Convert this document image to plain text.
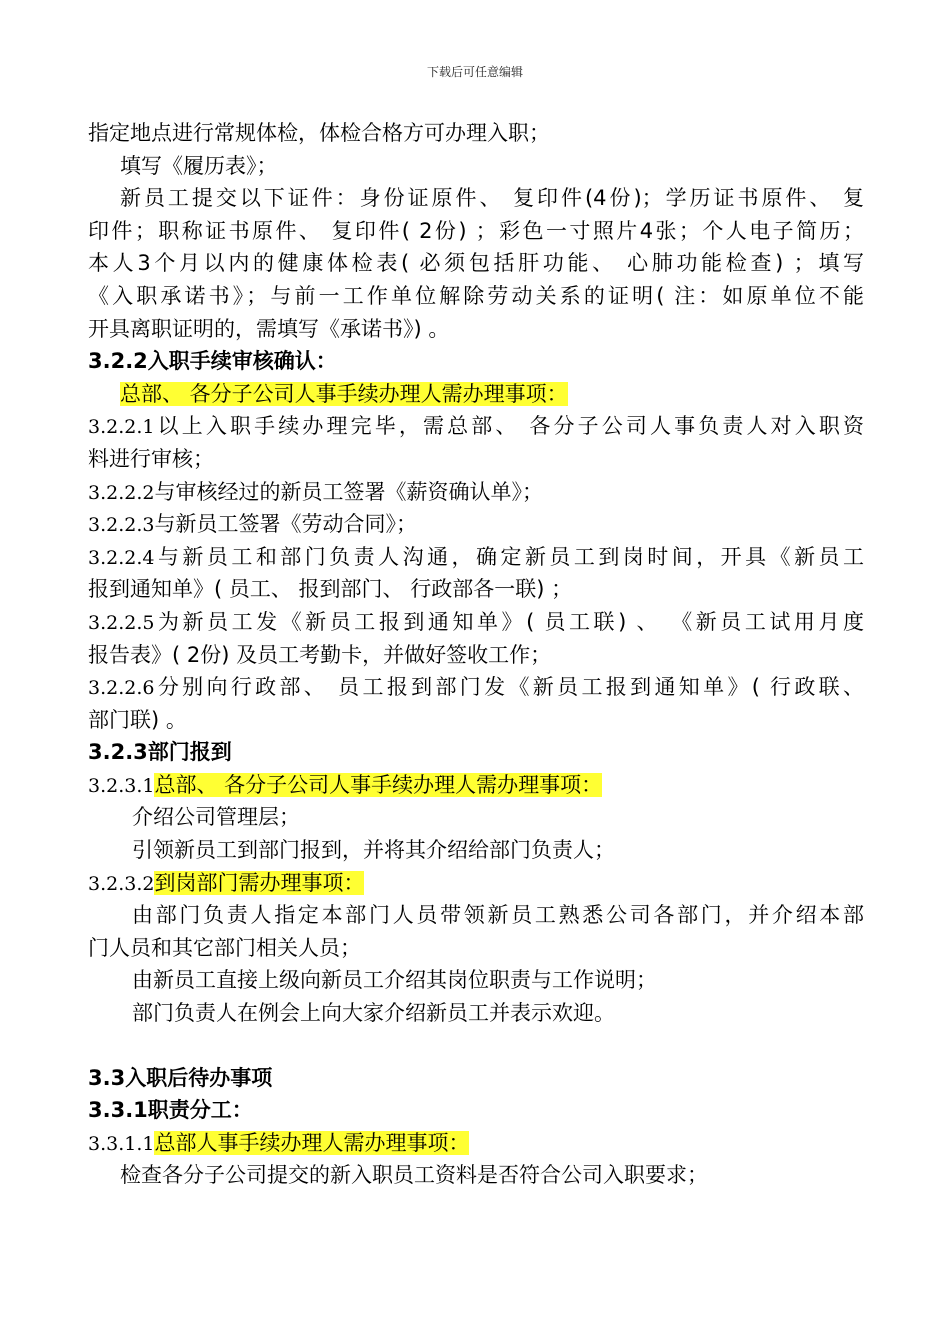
下载后可任意编辑
指定地点进行常规体检，体检合格方可办理入职；
填写《履历表》；
新员工提交以下证件：身份证原件、 复印件(4份)；学历证书原件、 复
印件；职称证书原件、 复印件( 2份) ；彩色一寸照片4张；个人电子简历；
本人3个月以内的健康体检表( 必须包括肝功能、 心肺功能检查) ；填写
《入职承诺书》；与前一工作单位解除劳动关系的证明( 注：如原单位不能
开具离职证明的，需填写《承诺书》) 。
3.2.2入职手续审核确认：
总部、 各分子公司人事手续办理人需办理事项：
3.2.2.1以上入职手续办理完毕，需总部、 各分子公司人事负责人对入职资
料进行审核；
3.2.2.2与审核经过的新员工签署《薪资确认单》；
3.2.2.3与新员工签署《劳动合同》；
3.2.2.4与新员工和部门负责人沟通，确定新员工到岗时间，开具《新员工
报到通知单》( 员工、 报到部门、 行政部各一联) ；
3.2.2.5为新员工发《新员工报到通知单》( 员工联) 、 《新员工试用月度
报告表》( 2份) 及员工考勤卡，并做好签收工作；
3.2.2.6分别向行政部、 员工报到部门发《新员工报到通知单》( 行政联、
部门联) 。
3.2.3部门报到
3.2.3.1总部、 各分子公司人事手续办理人需办理事项：
介绍公司管理层；
引领新员工到部门报到，并将其介绍给部门负责人；
3.2.3.2到岗部门需办理事项：
由部门负责人指定本部门人员带领新员工熟悉公司各部门，并介绍本部
门人员和其它部门相关人员；
由新员工直接上级向新员工介绍其岗位职责与工作说明；
部门负责人在例会上向大家介绍新员工并表示欢迎。
3.3入职后待办事项
3.3.1职责分工：
3.3.1.1总部人事手续办理人需办理事项：
检查各分子公司提交的新入职员工资料是否符合公司入职要求；
